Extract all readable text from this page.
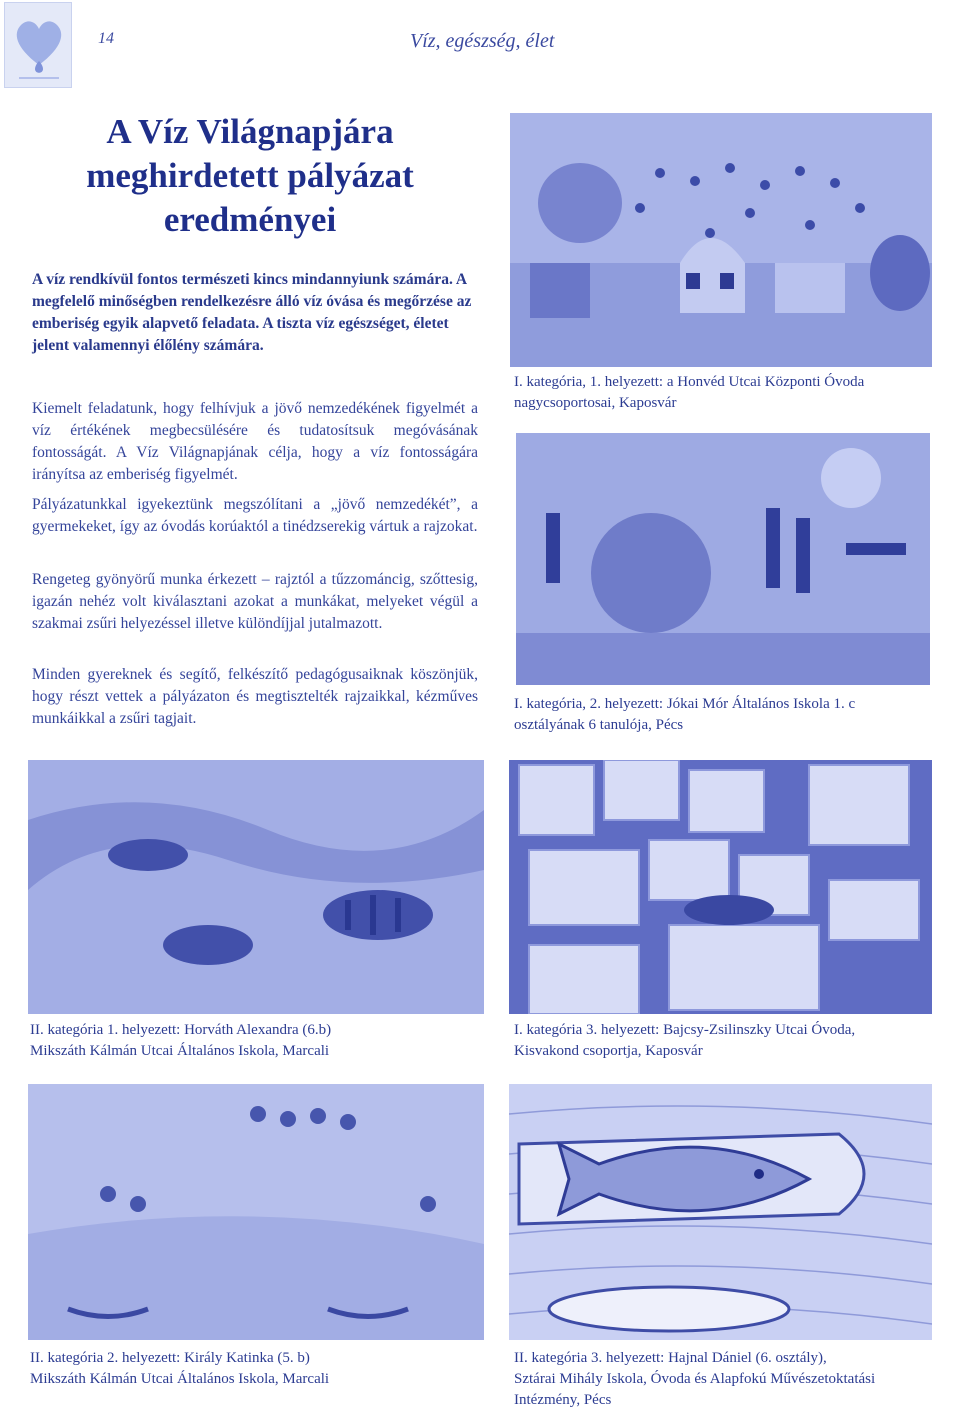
14	Víz, egészség, élet
A Víz Világnapjára meghirdetett pályázat eredményei
A víz rendkívül fontos természeti kincs mindannyiunk számára. A megfelelő minőségben rendelkezésre álló víz óvása és megőrzése az emberiség egyik alapvető feladata. A tiszta víz egészséget, életet jelent valamennyi élőlény számára.

Kiemelt feladatunk, hogy felhívjuk a jövő nemzedékének figyelmét a víz értékének megbecsülésére és tudatosítsuk megóvásának fontosságát. A Víz Világnapjának célja, hogy a víz fontosságára irányítsa az emberiség figyelmét.

Pályázatunkkal igyekeztünk megszólítani a „jövő nemzedékét”, a gyermekeket, így az óvodás korúaktól a tinédzserekig vártuk a rajzokat.

Rengeteg gyönyörű munka érkezett – rajztól a tűzzománcig, szőttesig, igazán nehéz volt kiválasztani azokat a munkákat, melyeket végül a szakmai zsűri helyezéssel illetve különdíjjal jutalmazott.

Minden gyereknek és segítő, felkészítő pedagógusaiknak köszönjük, hogy részt vettek a pályázaton és megtisztelték rajzaikkal, kézműves munkáikkal a zsűri tagjait.

I. kategória, 1. helyezett: a Honvéd Utcai Központi Óvoda
nagycsoportosai, Kaposvár
I. kategória, 2. helyezett: Jókai Mór Általános Iskola 1. c
osztályának 6 tanulója, Pécs
II. kategória 1. helyezett: Horváth Alexandra (6.b)
Mikszáth Kálmán Utcai Általános Iskola, Marcali
I. kategória 3. helyezett: Bajcsy-Zsilinszky Utcai Óvoda,
Kisvakond csoportja, Kaposvár
II. kategória 2. helyezett: Király Katinka (5. b)
Mikszáth Kálmán Utcai Általános Iskola, Marcali
II. kategória 3. helyezett: Hajnal Dániel (6. osztály),
Sztárai Mihály Iskola, Óvoda és Alapfokú Művészetoktatási
Intézmény, Pécs
